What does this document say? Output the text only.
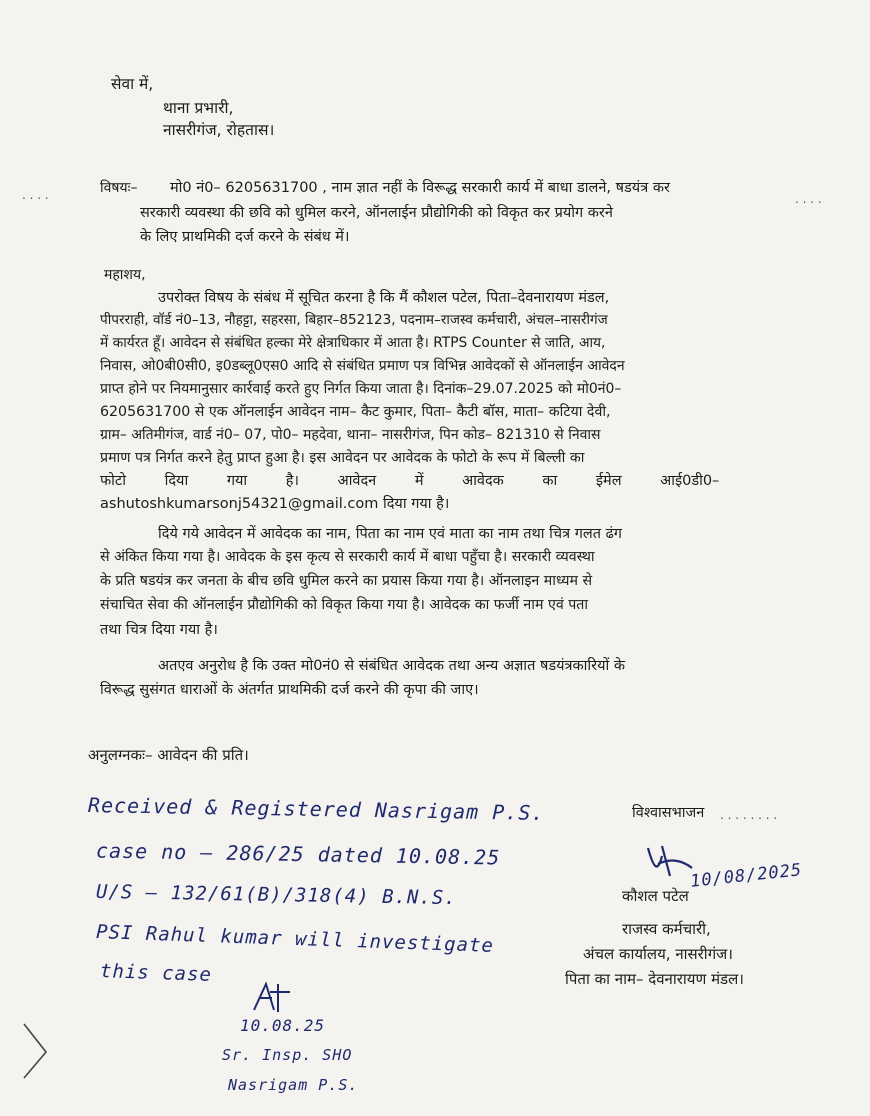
सेवा में,
थाना प्रभारी,
नासरीगंज, रोहतास।
विषयः–
. . . .	मो0 नं0– 6205631700 , नाम ज्ञात नहीं के विरूद्ध सरकारी कार्य में बाधा डालने, षडयंत्र कर
सरकारी व्यवस्था की छवि को धुमिल करने, ऑनलाईन प्रौद्योगिकी को विकृत कर प्रयोग करने
. . . .
के लिए प्राथमिकी दर्ज करने के संबंध में।
महाशय,
उपरोक्त विषय के संबंध में सूचित करना है कि मैं कौशल पटेल, पिता–देवनारायण मंडल,
पीपरराही, वॉर्ड नं0–13, नौहट्टा, सहरसा, बिहार–852123, पदनाम–राजस्व कर्मचारी, अंचल–नासरीगंज
में कार्यरत हूँ। आवेदन से संबंधित हल्का मेरे क्षेत्राधिकार में आता है। RTPS Counter से जाति, आय,
निवास, ओ0बी0सी0, इ0डब्लू0एस0 आदि से संबंधित प्रमाण पत्र विभिन्न आवेदकों से ऑनलाईन आवेदन
प्राप्त होने पर नियमानुसार कार्रवाई करते हुए निर्गत किया जाता है। दिनांक–29.07.2025 को मो0नं0–
6205631700 से एक ऑनलाईन आवेदन नाम– कैट कुमार, पिता– कैटी बॉस, माता– कटिया देवी,
ग्राम– अतिमीगंज, वार्ड नं0– 07, पो0– महदेवा, थाना– नासरीगंज, पिन कोड– 821310 से निवास
प्रमाण पत्र निर्गत करने हेतु प्राप्त हुआ है। इस आवेदन पर आवेदक के फोटो के रूप में बिल्ली का
फोटो दिया गया है। आवेदन में आवेदक का ईमेल आई0डी0–
ashutoshkumarsonj54321@gmail.com दिया गया है।
दिये गये आवेदन में आवेदक का नाम, पिता का नाम एवं माता का नाम तथा चित्र गलत ढंग
से अंकित किया गया है। आवेदक के इस कृत्य से सरकारी कार्य में बाधा पहुँचा है। सरकारी व्यवस्था
के प्रति षडयंत्र कर जनता के बीच छवि धुमिल करने का प्रयास किया गया है। ऑनलाइन माध्यम से
संचाचित सेवा की ऑनलाईन प्रौद्योगिकी को विकृत किया गया है। आवेदक का फर्जी नाम एवं पता
तथा चित्र दिया गया है।
अतएव अनुरोध है कि उक्त मो0नं0 से संबंधित आवेदक तथा अन्य अज्ञात षडयंत्रकारियों के
विरूद्ध सुसंगत धाराओं के अंतर्गत प्राथमिकी दर्ज करने की कृपा की जाए।
अनुलग्नकः– आवेदन की प्रति।
विश्वासभाजन . . . . . . . .
10/08/2025
कौशल पटेल
राजस्व कर्मचारी,
अंचल कार्यालय, नासरीगंज।
पिता का नाम– देवनारायण मंडल।
Received & Registered Nasrigam P.S.
case no – 286/25 dated 10.08.25
U/S – 132/61(B)/318(4) B.N.S.
PSI Rahul kumar will investigate
this case
10.08.25
Sr. Insp. SHO
Nasrigam P.S.
